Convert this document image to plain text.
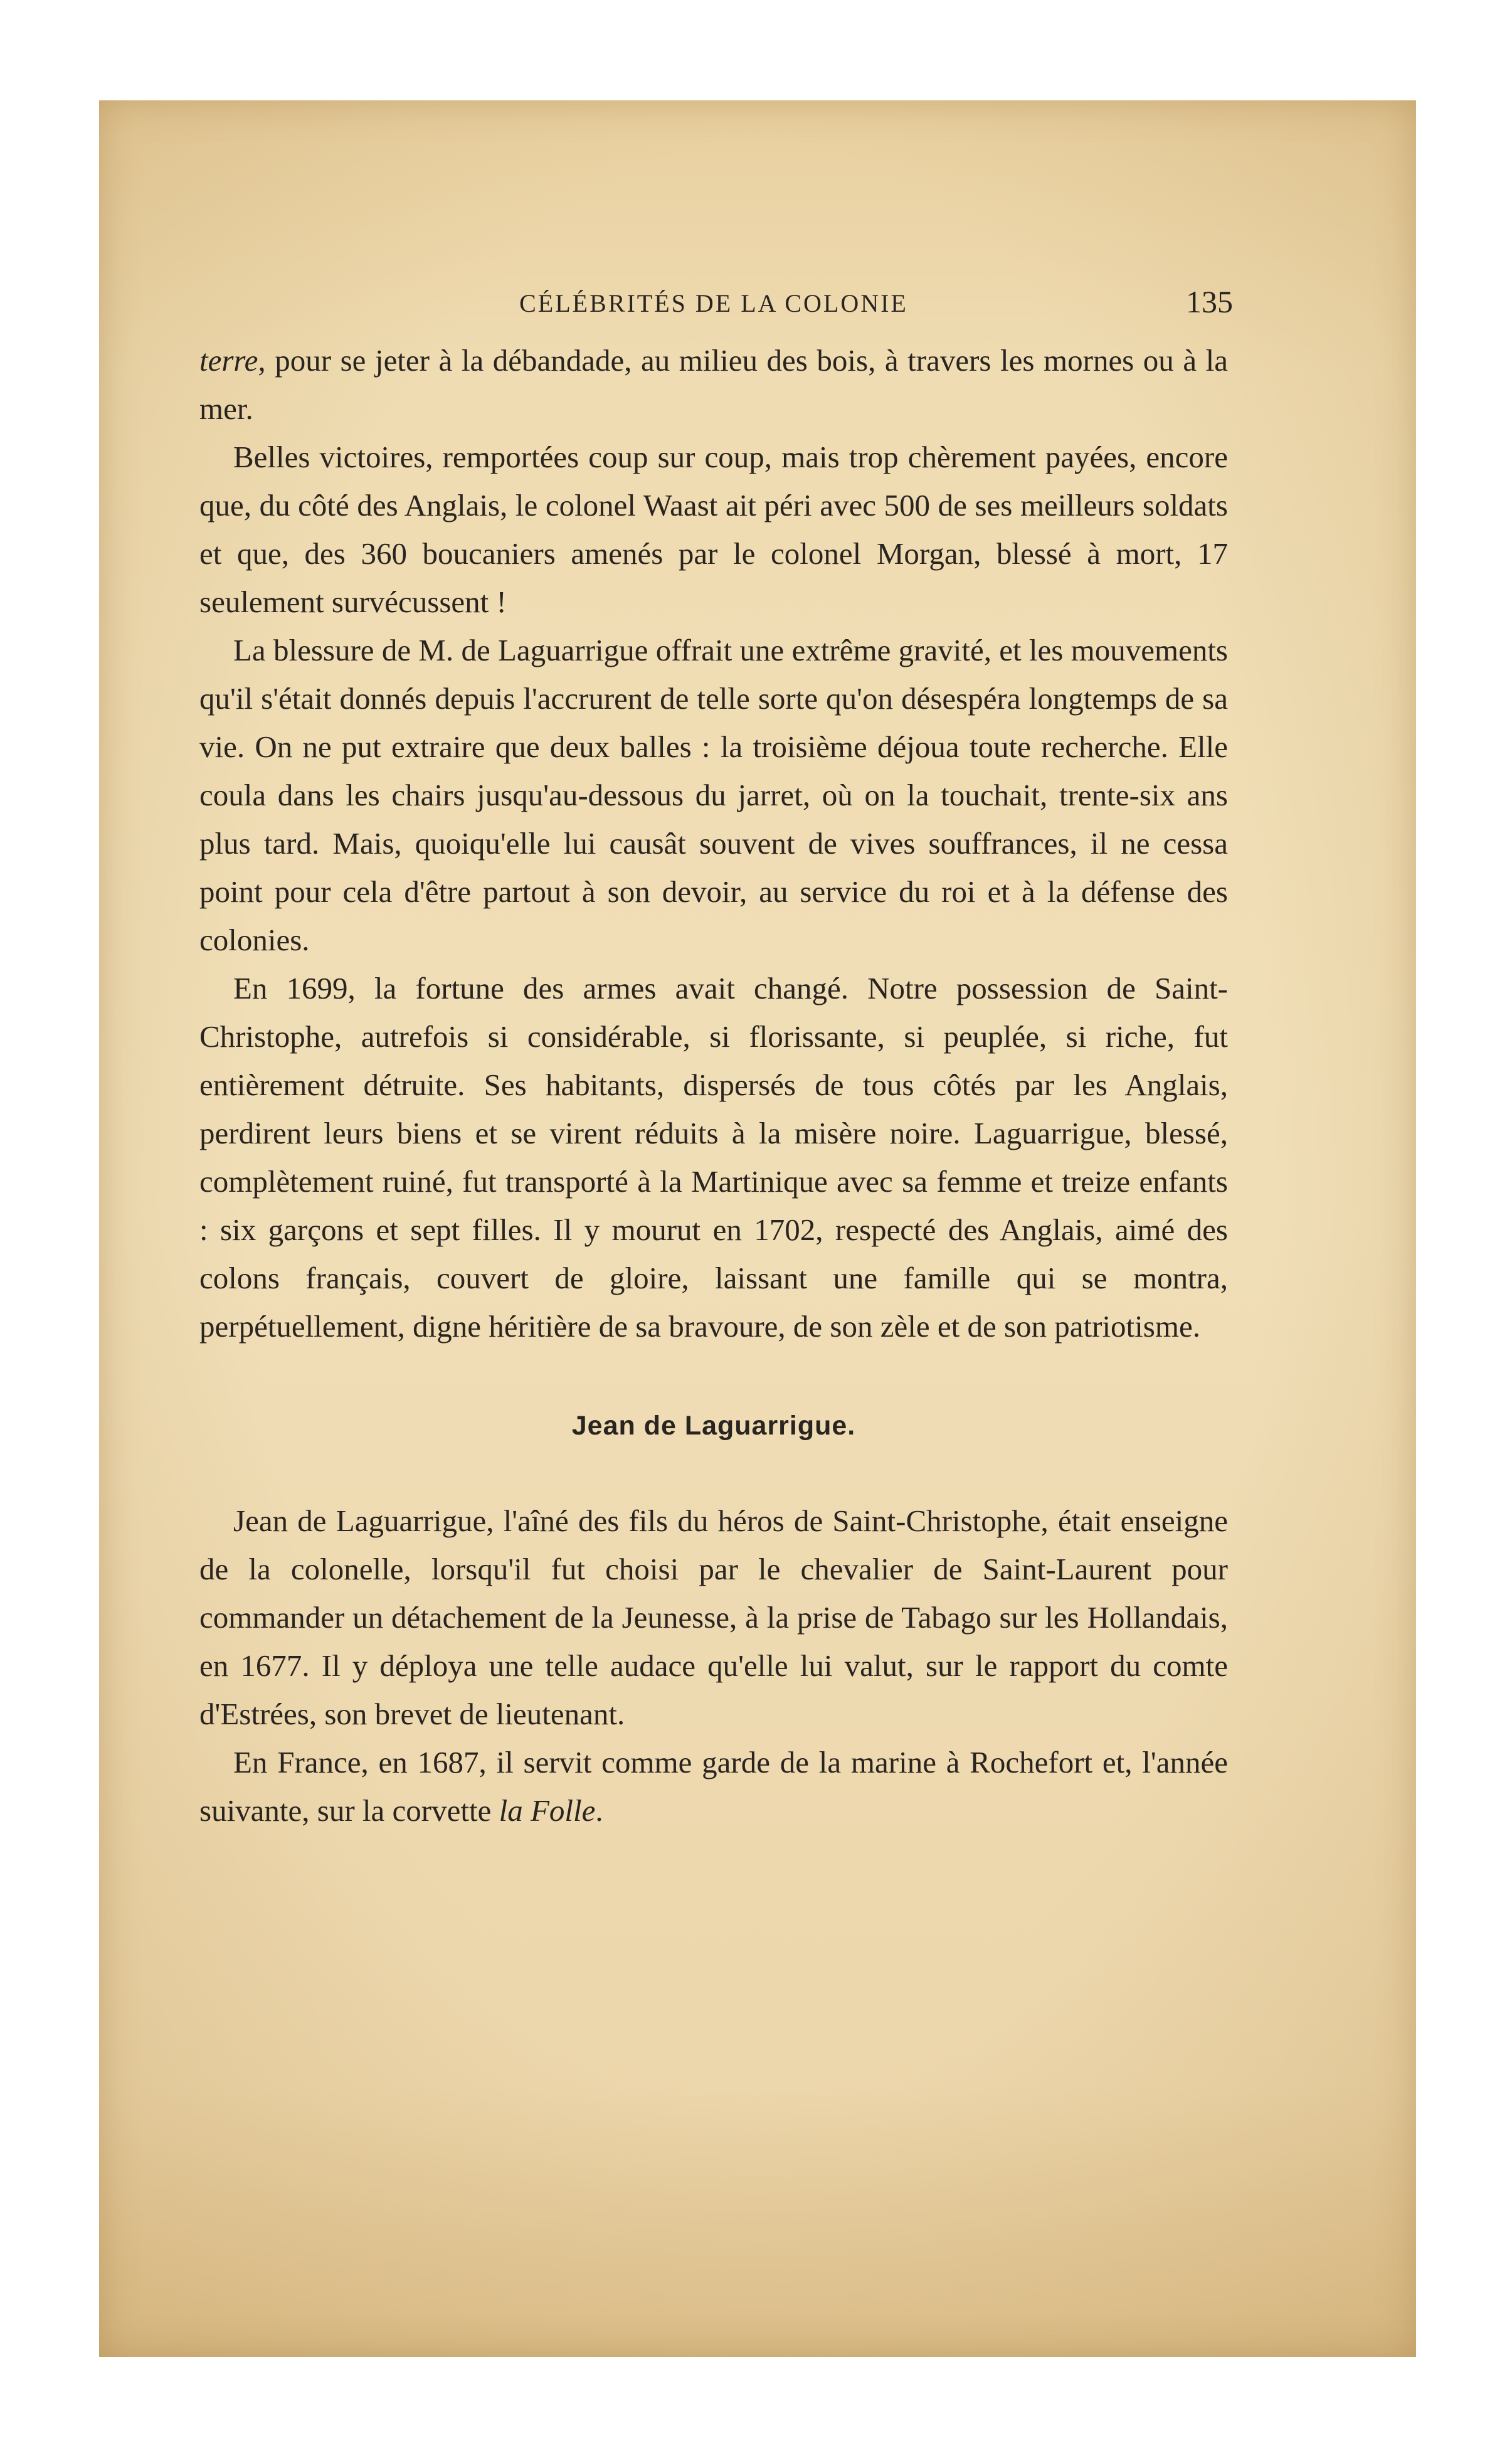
CÉLÉBRITÉS DE LA COLONIE	135

terre, pour se jeter à la débandade, au milieu des bois, à travers les mornes ou à la mer.

Belles victoires, remportées coup sur coup, mais trop chèrement payées, encore que, du côté des Anglais, le colonel Waast ait péri avec 500 de ses meilleurs soldats et que, des 360 boucaniers amenés par le colonel Morgan, blessé à mort, 17 seulement survécussent !

La blessure de M. de Laguarrigue offrait une extrême gravité, et les mouvements qu'il s'était donnés depuis l'accrurent de telle sorte qu'on désespéra longtemps de sa vie. On ne put extraire que deux balles : la troisième déjoua toute recherche. Elle coula dans les chairs jusqu'au-dessous du jarret, où on la touchait, trente-six ans plus tard. Mais, quoiqu'elle lui causât souvent de vives souffrances, il ne cessa point pour cela d'être partout à son devoir, au service du roi et à la défense des colonies.

En 1699, la fortune des armes avait changé. Notre possession de Saint-Christophe, autrefois si considérable, si florissante, si peuplée, si riche, fut entièrement détruite. Ses habitants, dispersés de tous côtés par les Anglais, perdirent leurs biens et se virent réduits à la misère noire. Laguarrigue, blessé, complètement ruiné, fut transporté à la Martinique avec sa femme et treize enfants : six garçons et sept filles. Il y mourut en 1702, respecté des Anglais, aimé des colons français, couvert de gloire, laissant une famille qui se montra, perpétuellement, digne héritière de sa bravoure, de son zèle et de son patriotisme.

Jean de Laguarrigue.

Jean de Laguarrigue, l'aîné des fils du héros de Saint-Christophe, était enseigne de la colonelle, lorsqu'il fut choisi par le chevalier de Saint-Laurent pour commander un détachement de la Jeunesse, à la prise de Tabago sur les Hollandais, en 1677. Il y déploya une telle audace qu'elle lui valut, sur le rapport du comte d'Estrées, son brevet de lieutenant.

En France, en 1687, il servit comme garde de la marine à Rochefort et, l'année suivante, sur la corvette la Folle.
